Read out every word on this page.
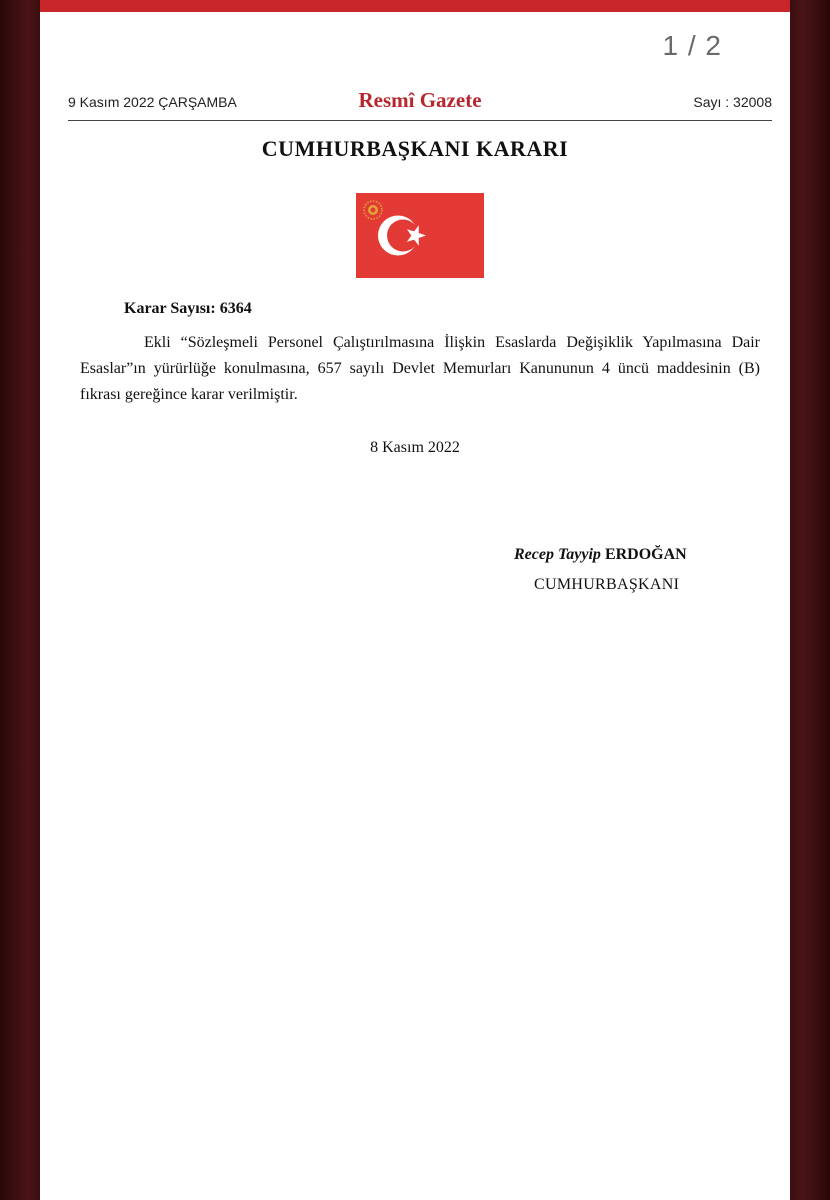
1 / 2
9 Kasım 2022 ÇARŞAMBA	Resmî Gazete	Sayı : 32008
CUMHURBAŞKANI KARARI
Karar Sayısı: 6364
Ekli “Sözleşmeli Personel Çalıştırılmasına İlişkin Esaslarda Değişiklik Yapılmasına Dair Esaslar”ın yürürlüğe konulmasına, 657 sayılı Devlet Memurları Kanununun 4 üncü maddesinin (B) fıkrası gereğince karar verilmiştir.
8 Kasım 2022
Recep Tayyip ERDOĞAN
CUMHURBAŞKANI
